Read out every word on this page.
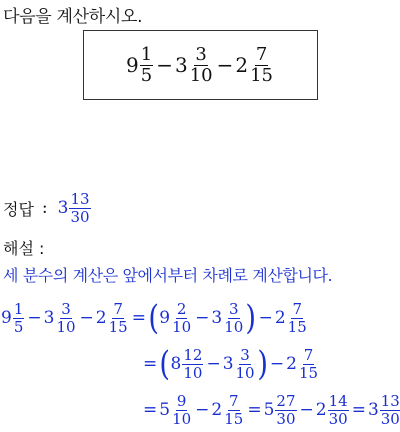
다음을 계산하시오.
$9 \frac{1}{5} - 3 \frac{3}{10} - 2 \frac{7}{15}$
정답 : $3 \frac{13}{30}$
해설 :
세 분수의 계산은 앞에서부터 차례로 계산합니다.
$9 \frac{1}{5} - 3 \frac{3}{10} - 2 \frac{7}{15}$ = ( $9 \frac{2}{10} - 3 \frac{3}{10}$ ) − $2 \frac{7}{15}$
= ( $8 \frac{12}{10} - 3 \frac{3}{10}$ ) − $2 \frac{7}{15}$
= $5 \frac{9}{10} - 2 \frac{7}{15} = 5 \frac{27}{30} - 2 \frac{14}{30} = 3 \frac{13}{30}$
